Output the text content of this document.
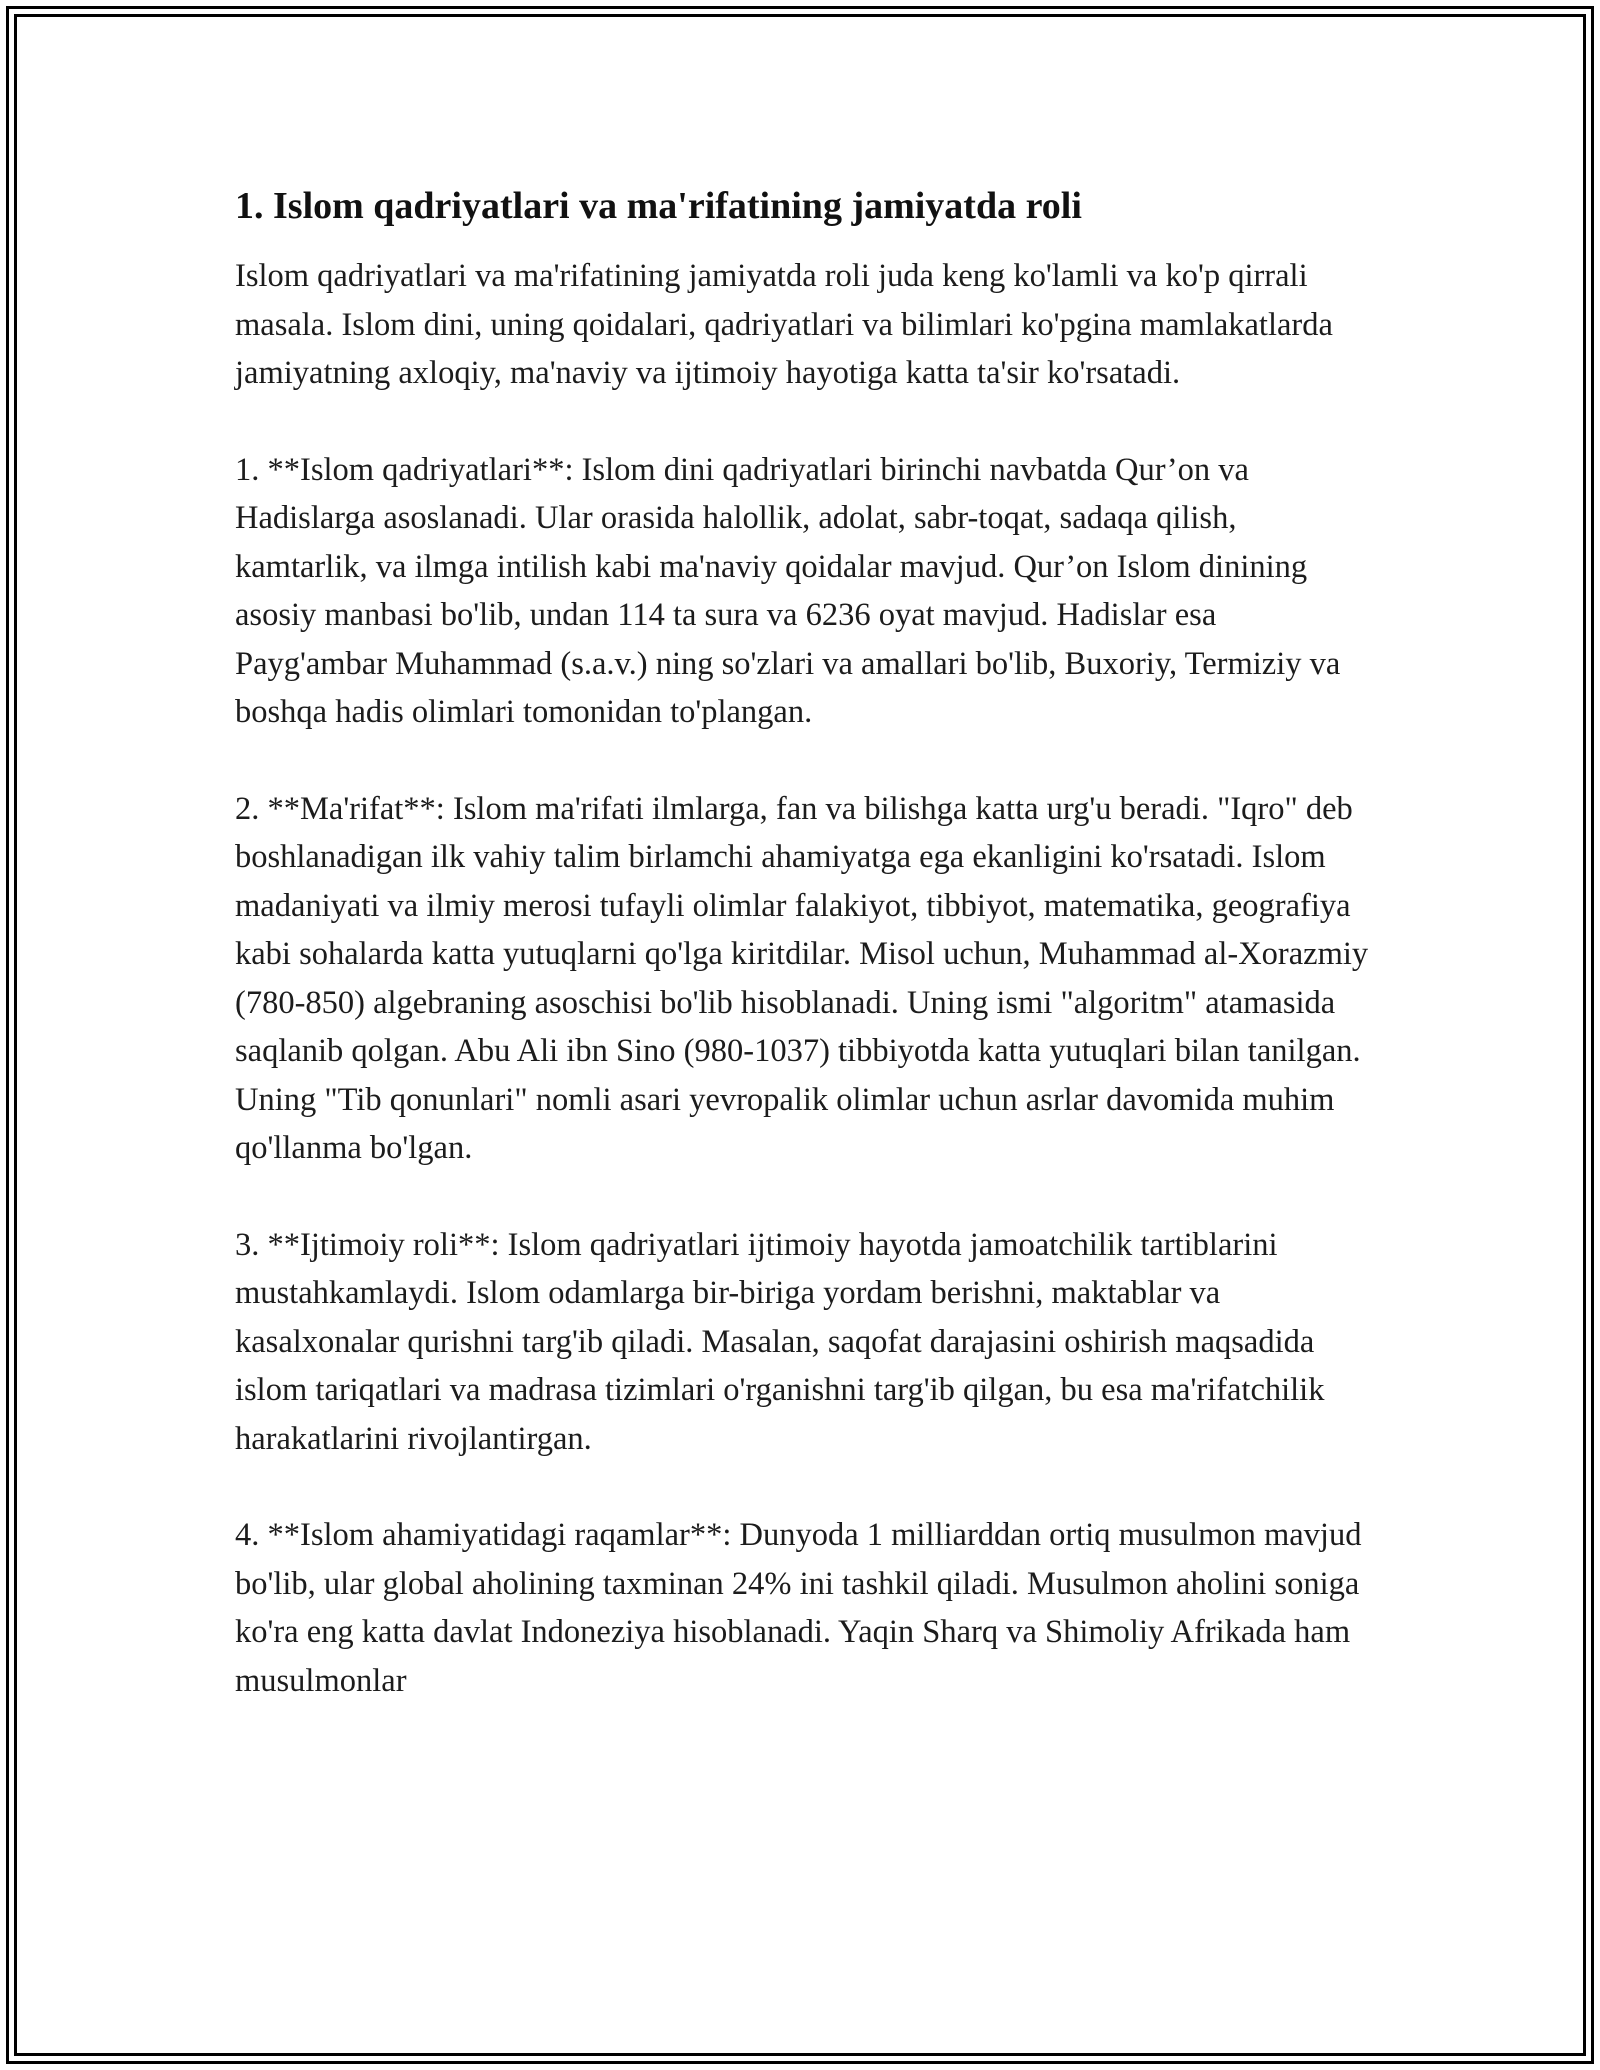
1. Islom qadriyatlari va ma'rifatining jamiyatda roli

Islom qadriyatlari va ma'rifatining jamiyatda roli juda keng ko'lamli va ko'p qirrali masala. Islom dini, uning qoidalari, qadriyatlari va bilimlari ko'pgina mamlakatlarda jamiyatning axloqiy, ma'naviy va ijtimoiy hayotiga katta ta'sir ko'rsatadi.

1. **Islom qadriyatlari**: Islom dini qadriyatlari birinchi navbatda Qur’on va Hadislarga asoslanadi. Ular orasida halollik, adolat, sabr-toqat, sadaqa qilish, kamtarlik, va ilmga intilish kabi ma'naviy qoidalar mavjud. Qur’on Islom dinining asosiy manbasi bo'lib, undan 114 ta sura va 6236 oyat mavjud. Hadislar esa Payg'ambar Muhammad (s.a.v.) ning so'zlari va amallari bo'lib, Buxoriy, Termiziy va boshqa hadis olimlari tomonidan to'plangan.

2. **Ma'rifat**: Islom ma'rifati ilmlarga, fan va bilishga katta urg'u beradi. "Iqro" deb boshlanadigan ilk vahiy talim birlamchi ahamiyatga ega ekanligini ko'rsatadi. Islom madaniyati va ilmiy merosi tufayli olimlar falakiyot, tibbiyot, matematika, geografiya kabi sohalarda katta yutuqlarni qo'lga kiritdilar. Misol uchun, Muhammad al-Xorazmiy (780-850) algebraning asoschisi bo'lib hisoblanadi. Uning ismi "algoritm" atamasida saqlanib qolgan. Abu Ali ibn Sino (980-1037) tibbiyotda katta yutuqlari bilan tanilgan. Uning "Tib qonunlari" nomli asari yevropalik olimlar uchun asrlar davomida muhim qo'llanma bo'lgan.

3. **Ijtimoiy roli**: Islom qadriyatlari ijtimoiy hayotda jamoatchilik tartiblarini mustahkamlaydi. Islom odamlarga bir-biriga yordam berishni, maktablar va kasalxonalar qurishni targ'ib qiladi. Masalan, saqofat darajasini oshirish maqsadida islom tariqatlari va madrasa tizimlari o'rganishni targ'ib qilgan, bu esa ma'rifatchilik harakatlarini rivojlantirgan.

4. **Islom ahamiyatidagi raqamlar**: Dunyoda 1 milliarddan ortiq musulmon mavjud bo'lib, ular global aholining taxminan 24% ini tashkil qiladi. Musulmon aholini soniga ko'ra eng katta davlat Indoneziya hisoblanadi. Yaqin Sharq va Shimoliy Afrikada ham musulmonlar
